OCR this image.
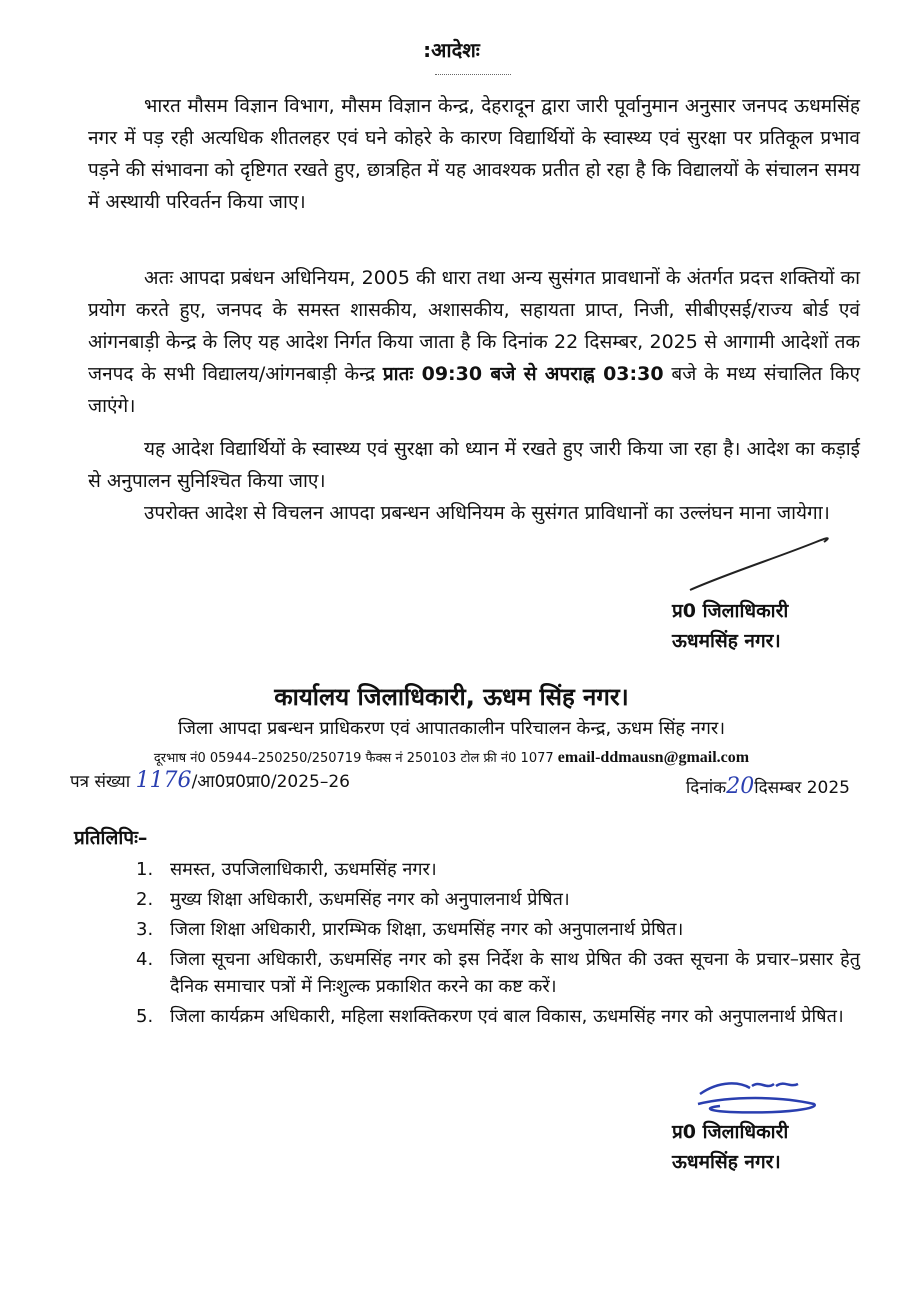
:आदेशः

भारत मौसम विज्ञान विभाग, मौसम विज्ञान केन्द्र, देहरादून द्वारा जारी पूर्वानुमान अनुसार जनपद ऊधमसिंह नगर में पड़ रही अत्यधिक शीतलहर एवं घने कोहरे के कारण विद्यार्थियों के स्वास्थ्य एवं सुरक्षा पर प्रतिकूल प्रभाव पड़ने की संभावना को दृष्टिगत रखते हुए, छात्रहित में यह आवश्यक प्रतीत हो रहा है कि विद्यालयों के संचालन समय में अस्थायी परिवर्तन किया जाए।

अतः आपदा प्रबंधन अधिनियम, 2005 की धारा तथा अन्य सुसंगत प्रावधानों के अंतर्गत प्रदत्त शक्तियों का प्रयोग करते हुए, जनपद के समस्त शासकीय, अशासकीय, सहायता प्राप्त, निजी, सीबीएसई/राज्य बोर्ड एवं आंगनबाड़ी केन्द्र के लिए यह आदेश निर्गत किया जाता है कि दिनांक 22 दिसम्बर, 2025 से आगामी आदेशों तक जनपद के सभी विद्यालय/आंगनबाड़ी केन्द्र प्रातः 09:30 बजे से अपराह्न 03:30 बजे के मध्य संचालित किए जाएंगे।

यह आदेश विद्यार्थियों के स्वास्थ्य एवं सुरक्षा को ध्यान में रखते हुए जारी किया जा रहा है। आदेश का कड़ाई से अनुपालन सुनिश्चित किया जाए।

उपरोक्त आदेश से विचलन आपदा प्रबन्धन अधिनियम के सुसंगत प्राविधानों का उल्लंघन माना जायेगा।

प्र0 जिलाधिकारी
ऊधमसिंह नगर।
कार्यालय जिलाधिकारी, ऊधम सिंह नगर।
जिला आपदा प्रबन्धन प्राधिकरण एवं आपातकालीन परिचालन केन्द्र, ऊधम सिंह नगर।
दूरभाष नं0 05944–250250/250719 फैक्स नं 250103 टोल फ्री नं0 1077 email-ddmausn@gmail.com
पत्र संख्या 1176/आ0प्र0प्रा0/2025–26	दिनांक20दिसम्बर 2025
प्रतिलिपिः–
1. समस्त, उपजिलाधिकारी, ऊधमसिंह नगर।
2. मुख्य शिक्षा अधिकारी, ऊधमसिंह नगर को अनुपालनार्थ प्रेषित।
3. जिला शिक्षा अधिकारी, प्रारम्भिक शिक्षा, ऊधमसिंह नगर को अनुपालनार्थ प्रेषित।
4. जिला सूचना अधिकारी, ऊधमसिंह नगर को इस निर्देश के साथ प्रेषित की उक्त सूचना के प्रचार–प्रसार हेतु दैनिक समाचार पत्रों में निःशुल्क प्रकाशित करने का कष्ट करें।
5. जिला कार्यक्रम अधिकारी, महिला सशक्तिकरण एवं बाल विकास, ऊधमसिंह नगर को अनुपालनार्थ प्रेषित।
प्र0 जिलाधिकारी
ऊधमसिंह नगर।
